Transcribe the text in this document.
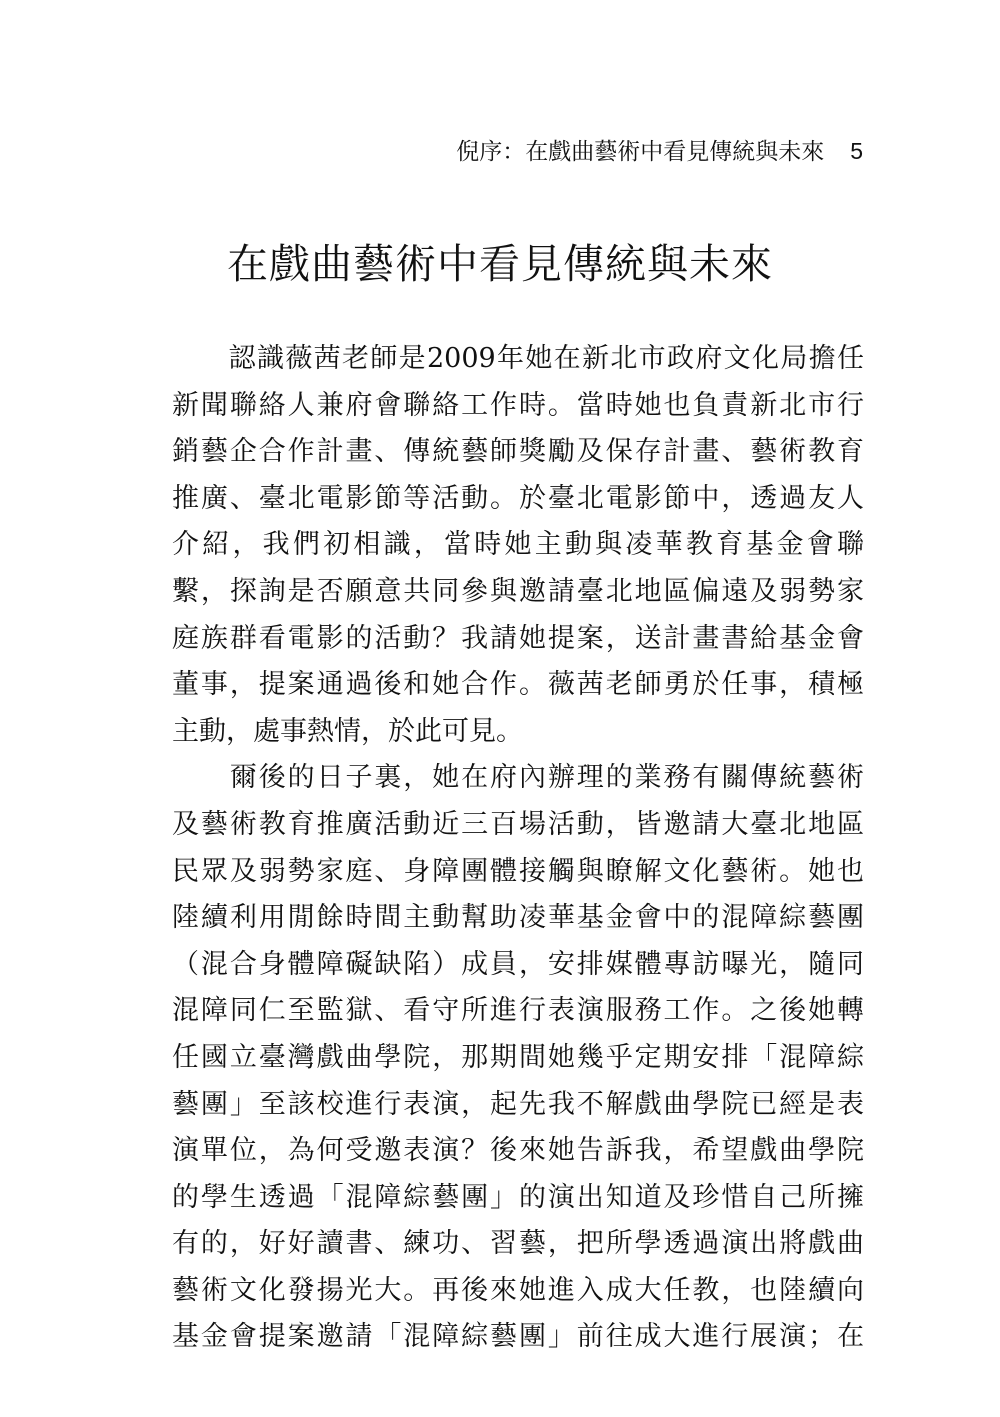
倪序：在戲曲藝術中看見傳統與未來 5
在戲曲藝術中看見傳統與未來
　　認識薇茜老師是2009年她在新北市政府文化局擔任
新聞聯絡人兼府會聯絡工作時。當時她也負責新北市行
銷藝企合作計畫、傳統藝師獎勵及保存計畫、藝術教育
推廣、臺北電影節等活動。於臺北電影節中，透過友人
介紹，我們初相識，當時她主動與凌華教育基金會聯
繫，探詢是否願意共同參與邀請臺北地區偏遠及弱勢家
庭族群看電影的活動？我請她提案，送計畫書給基金會
董事，提案通過後和她合作。薇茜老師勇於任事，積極
主動，處事熱情，於此可見。
　　爾後的日子裏，她在府內辦理的業務有關傳統藝術
及藝術教育推廣活動近三百場活動，皆邀請大臺北地區
民眾及弱勢家庭、身障團體接觸與瞭解文化藝術。她也
陸續利用閒餘時間主動幫助凌華基金會中的混障綜藝團
（混合身體障礙缺陷）成員，安排媒體專訪曝光，隨同
混障同仁至監獄、看守所進行表演服務工作。之後她轉
任國立臺灣戲曲學院，那期間她幾乎定期安排「混障綜
藝團」至該校進行表演，起先我不解戲曲學院已經是表
演單位，為何受邀表演？後來她告訴我，希望戲曲學院
的學生透過「混障綜藝團」的演出知道及珍惜自己所擁
有的，好好讀書、練功、習藝，把所學透過演出將戲曲
藝術文化發揚光大。再後來她進入成大任教，也陸續向
基金會提案邀請「混障綜藝團」前往成大進行展演；在
